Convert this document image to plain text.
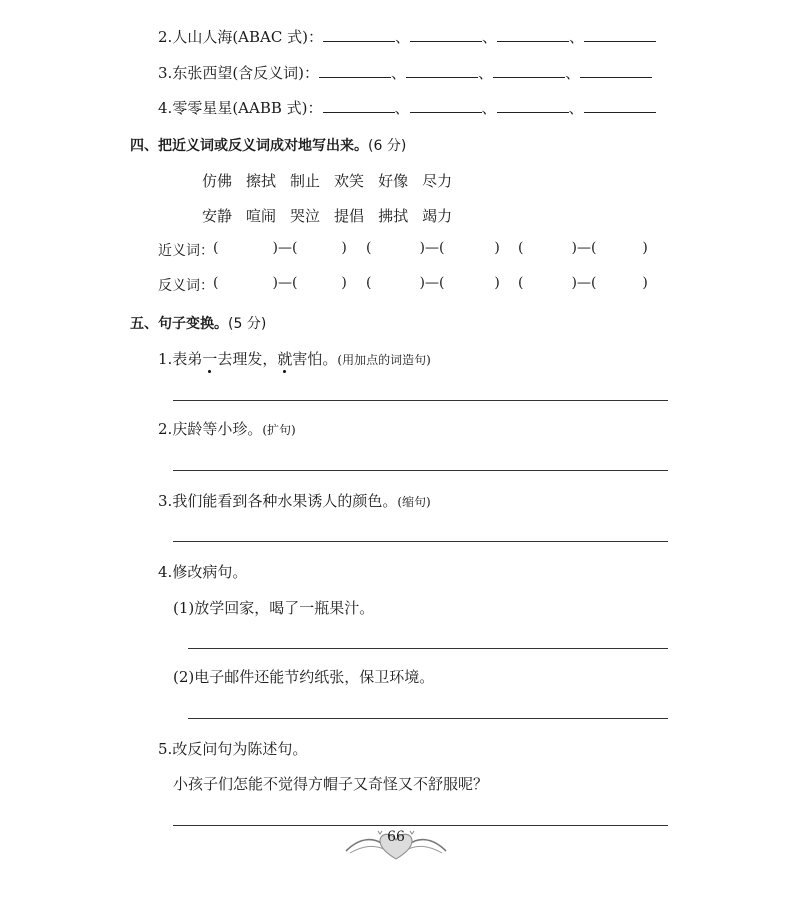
2.人山人海(ABAC 式)：	、	、	、
3.东张西望(含反义词)：	、	、	、
4.零零星星(AABB 式)：	、	、	、
四、把近义词或反义词成对地写出来。(6 分)
仿佛 擦拭 制止 欢笑 好像 尽力
安静 喧闹 哭泣 提倡 拂拭 竭力
近义词： (	)—(	) (	)—(	) (	)—(	)
反义词： (	)—(	) (	)—(	) (	)—(	)
五、句子变换。(5 分)
1.表弟一去理发，就害怕。(用加点的词造句)
2.庆龄等小珍。(扩句)
3.我们能看到各种水果诱人的颜色。(缩句)
4.修改病句。
(1)放学回家，喝了一瓶果汁。
(2)电子邮件还能节约纸张，保卫环境。
5.改反问句为陈述句。
小孩子们怎能不觉得方帽子又奇怪又不舒服呢？
66
